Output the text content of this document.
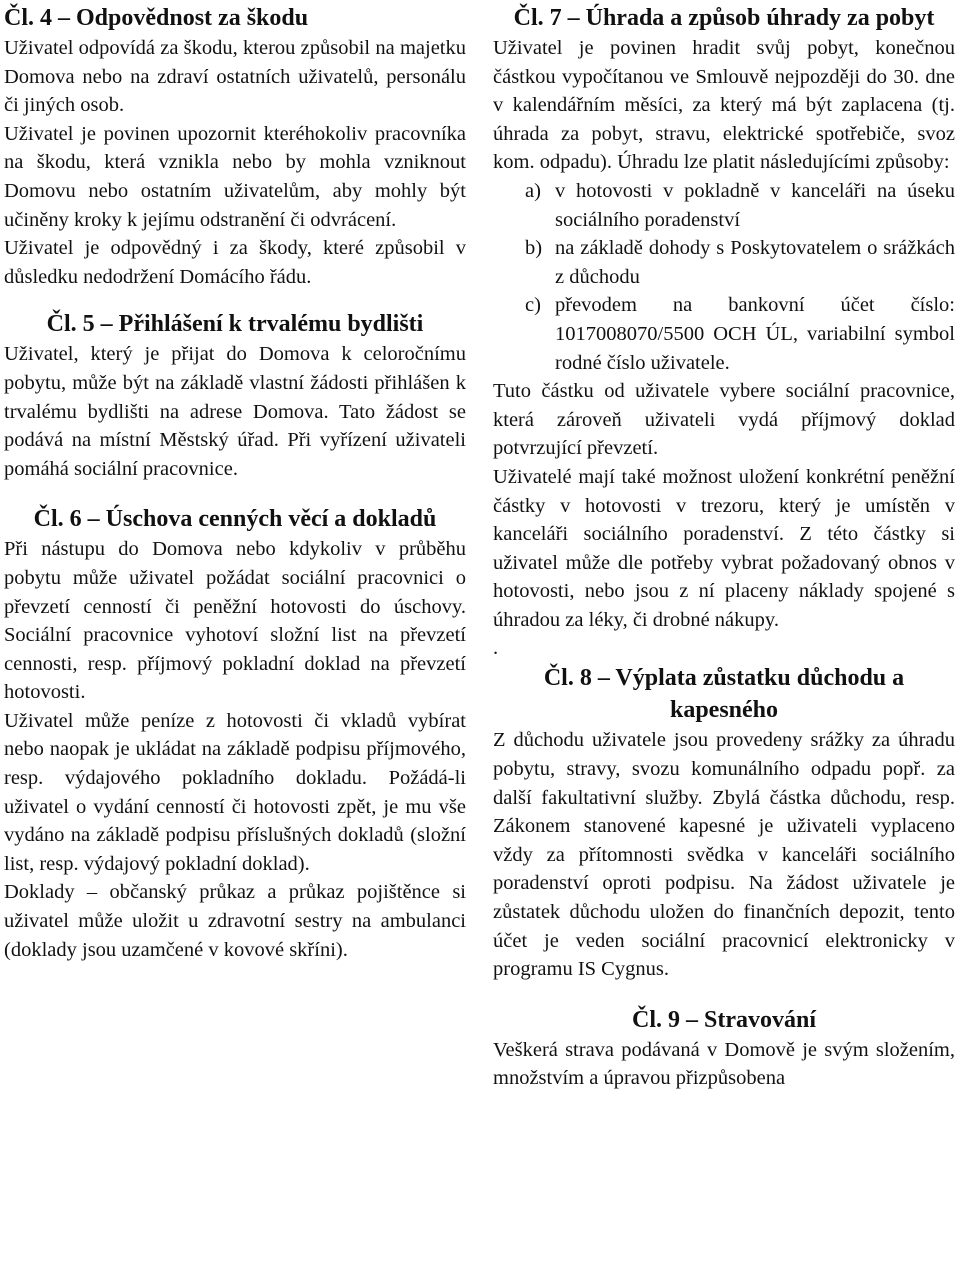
Čl. 4 – Odpovědnost za škodu

Uživatel odpovídá za škodu, kterou způsobil na majetku Domova nebo na zdraví ostatních uživatelů, personálu či jiných osob.

Uživatel je povinen upozornit kteréhokoliv pracovníka na škodu, která vznikla nebo by mohla vzniknout Domovu nebo ostatním uživatelům, aby mohly být učiněny kroky k jejímu odstranění či odvrácení.

Uživatel je odpovědný i za škody, které způsobil v důsledku nedodržení Domácího řádu.

Čl. 5 – Přihlášení k trvalému bydlišti

Uživatel, který je přijat do Domova k celoročnímu pobytu, může být na základě vlastní žádosti přihlášen k trvalému bydlišti na adrese Domova. Tato žádost se podává na místní Městský úřad. Při vyřízení uživateli pomáhá sociální pracovnice.

Čl. 6 – Úschova cenných věcí a dokladů

Při nástupu do Domova nebo kdykoliv v průběhu pobytu může uživatel požádat sociální pracovnici o převzetí cenností či peněžní hotovosti do úschovy. Sociální pracovnice vyhotoví složní list na převzetí cennosti, resp. příjmový pokladní doklad na převzetí hotovosti.

Uživatel může peníze z hotovosti či vkladů vybírat nebo naopak je ukládat na základě podpisu příjmového, resp. výdajového pokladního dokladu. Požádá-li uživatel o vydání cenností či hotovosti zpět, je mu vše vydáno na základě podpisu příslušných dokladů (složní list, resp. výdajový pokladní doklad).

Doklady – občanský průkaz a průkaz pojištěnce si uživatel může uložit u zdravotní sestry na ambulanci (doklady jsou uzamčené v kovové skříni).

Čl. 7 – Úhrada a způsob úhrady za pobyt

Uživatel je povinen hradit svůj pobyt, konečnou částkou vypočítanou ve Smlouvě nejpozději do 30. dne v kalendářním měsíci, za který má být zaplacena (tj. úhrada za pobyt, stravu, elektrické spotřebiče, svoz kom. odpadu). Úhradu lze platit následujícími způsoby:

a) v hotovosti v pokladně v kanceláři na úseku sociálního poradenství
b) na základě dohody s Poskytovatelem o srážkách z důchodu
c) převodem na bankovní účet číslo: 1017008070/5500 OCH ÚL, variabilní symbol rodné číslo uživatele.

Tuto částku od uživatele vybere sociální pracovnice, která zároveň uživateli vydá příjmový doklad potvrzující převzetí.

Uživatelé mají také možnost uložení konkrétní peněžní částky v hotovosti v trezoru, který je umístěn v kanceláři sociálního poradenství. Z této částky si uživatel může dle potřeby vybrat požadovaný obnos v hotovosti, nebo jsou z ní placeny náklady spojené s úhradou za léky, či drobné nákupy.

.

Čl. 8 – Výplata zůstatku důchodu a kapesného

Z důchodu uživatele jsou provedeny srážky za úhradu pobytu, stravy, svozu komunálního odpadu popř. za další fakultativní služby. Zbylá částka důchodu, resp. Zákonem stanovené kapesné je uživateli vyplaceno vždy za přítomnosti svědka v kanceláři sociálního poradenství oproti podpisu. Na žádost uživatele je zůstatek důchodu uložen do finančních depozit, tento účet je veden sociální pracovnicí elektronicky v programu IS Cygnus.

Čl. 9 – Stravování

Veškerá strava podávaná v Domově je svým složením, množstvím a úpravou přizpůsobena
